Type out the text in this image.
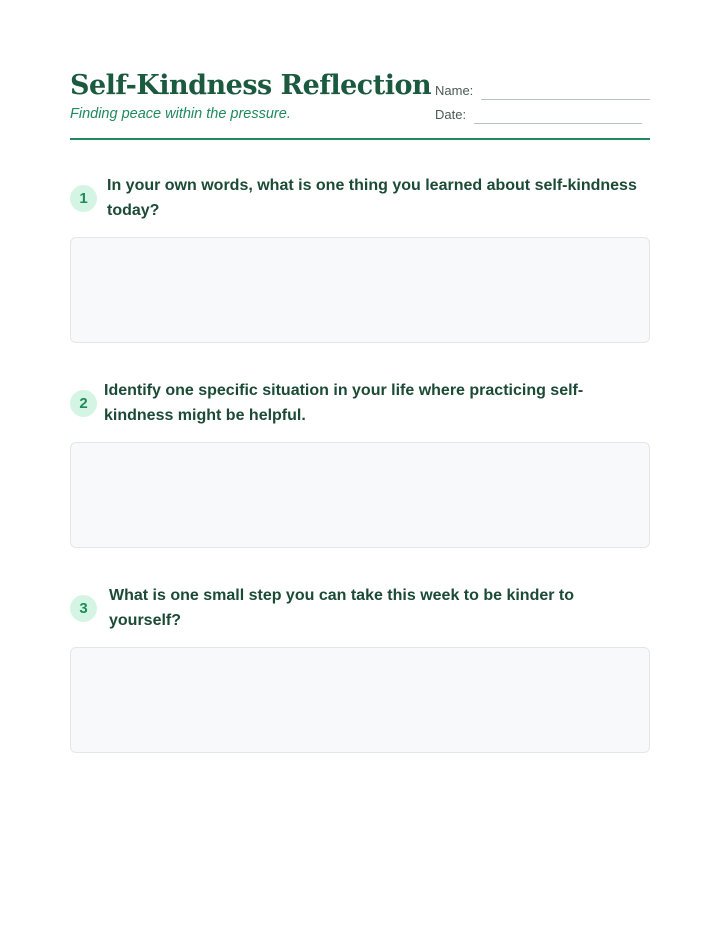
Self-Kindness Reflection
Finding peace within the pressure.
Name:
Date:
1
In your own words, what is one thing you learned about self-kindness today?
2
Identify one specific situation in your life where practicing self-kindness might be helpful.
3
What is one small step you can take this week to be kinder to yourself?
